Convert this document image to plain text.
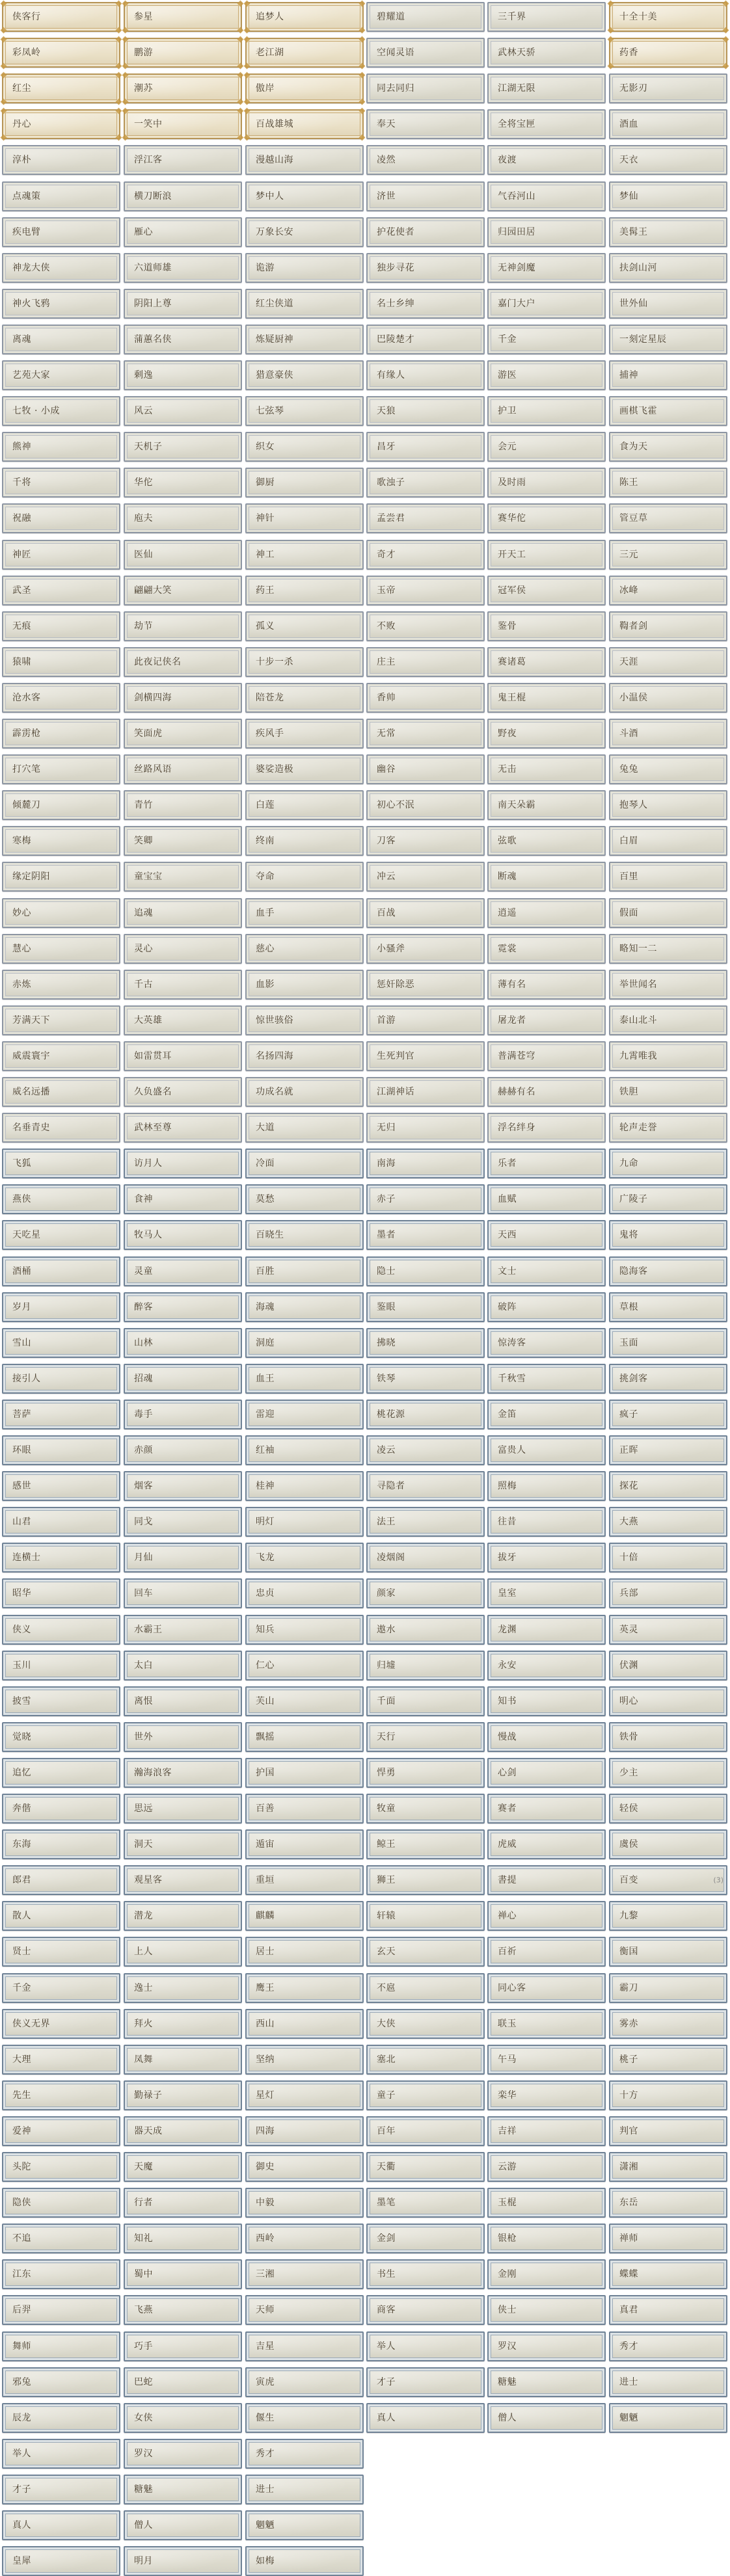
侠客行	参星	追梦人	碧耀道	三千界	十全十美
彩凤岭	鹏游	老江湖	空闻灵语	武林天骄	药香
红尘	潮苏	傲岸	同去同归	江湖无限	无影刃
丹心	一笑中	百战雄城	奉天	全将宝匣	酒血
淳朴	浮江客	漫越山海	凌然	夜渡	天衣
点魂策	横刀断浪	梦中人	济世	气吞河山	梦仙
疾电臂	雁心	万象长安	护花使者	归园田居	美髯王
神龙大侠	六道师雄	诡游	独步寻花	无神剑魔	扶剑山河
神火飞鸦	阴阳上尊	红尘侠道	名士乡绅	嘉门大户	世外仙
离魂	蒲蕙名侠	炼疑厨神	巴陵楚才	千金	一刻定星辰
艺苑大家	剩逸	猎意豪侠	有缘人	游医	捕神
七牧 · 小成	风云	七弦琴	天狼	护卫	画棋飞霍
熊神	天机子	织女	昌牙	会元	食为天
千将	华佗	御厨	歌浊子	及时雨	陈王
祝融	庖夫	神针	孟尝君	赛华佗	管豆草
神匠	医仙	神工	奇才	开天工	三元
武圣	翩翩大笑	药王	玉帝	冠军侯	冰峰
无痕	劫节	孤义	不败	鉴骨	鞫者剑
猿啸	此夜记侠名	十步一杀	庄主	赛诸葛	天涯
沧水客	剑横四海	陪苍龙	香帅	鬼王棍	小温侯
霹雳枪	笑面虎	疾风手	无常	野夜	斗酒
打穴笔	丝路风语	婆娑造极	幽谷	无击	兔兔
倾麓刀	青竹	白莲	初心不泯	南天朵霸	抱琴人
寒梅	笑卿	终南	刀客	弦歌	白眉
缘定阴阳	童宝宝	夺命	冲云	断魂	百里
妙心	追魂	血手	百战	逍遥	假面
慧心	灵心	慈心	小骚斧	霓裳	略知一二
赤炼	千古	血影	惩奸除恶	薄有名	举世闻名
芳满天下	大英雄	惊世骇俗	首游	屠龙者	泰山北斗
威震寰宇	如雷贯耳	名扬四海	生死判官	普满苍穹	九霄唯我
威名远播	久负盛名	功成名就	江湖神话	赫赫有名	铁胆
名垂青史	武林至尊	大道	无归	浮名绊身	轮声走誉
飞狐	访月人	冷面	南海	乐者	九命
燕侠	食神	莫愁	赤子	血赋	广陵子
天吃星	牧马人	百晓生	墨者	天西	鬼将
酒桶	灵童	百胜	隐士	文士	隐海客
岁月	醉客	海魂	鉴眼	破阵	草根
雪山	山林	洞庭	拂晓	惊涛客	玉面
接引人	招魂	血王	铁琴	千秋雪	挑剑客
菩萨	毒手	雷迎	桃花源	金笛	疯子
环眼	赤颜	红袖	凌云	富贵人	正晖
感世	烟客	桂神	寻隐者	照梅	探花
山君	同戈	明灯	法王	往昔	大燕
连横士	月仙	飞龙	凌烟阁	拔牙	十倍
昭华	回车	忠贞	颜家	皇室	兵部
侠义	水霸王	知兵	遨水	龙渊	英灵
玉川	太白	仁心	归墟	永安	伏渊
披雪	离恨	芙山	千面	知书	明心
觉晓	世外	飘摇	天行	慢战	铁骨
追忆	瀚海浪客	护国	悍勇	心剑	少主
奔偕	思远	百善	牧童	赛者	轻侯
东海	洞天	遁宙	鲸王	虎威	虞侯
郎君	观星客	重垣	狮王	書提	百变	(3)
散人	潜龙	麒麟	轩辕	禅心	九黎
贤士	上人	居士	玄天	百祈	衡国
千金	逸士	鹰王	不扈	同心客	霸刀
侠义无界	拜火	西山	大侠	联玉	雾赤
大理	凤舞	坚纳	塞北	午马	桃子
先生	勤禄子	星灯	童子	栾华	十方
爱神	器天成	四海	百年	吉祥	判官
头陀	天魔	御史	天衢	云游	潇湘
隐侠	行者	中毅	墨笔	玉棍	东岳
不追	知礼	西岭	金剑	银枪	禅师
江东	蜀中	三湘	书生	金刚	蝶蝶
后羿	飞燕	天师	商客	侠士	真君
舞师	巧手	吉星	举人	罗汉	秀才
邪兔	巴蛇	寅虎	才子	糖魅	进士
辰龙	女侠	偃生	真人	僧人	魍魉
举人	罗汉	秀才
才子	糖魅	进士
真人	僧人	魍魉
皇犀	明月	如梅
